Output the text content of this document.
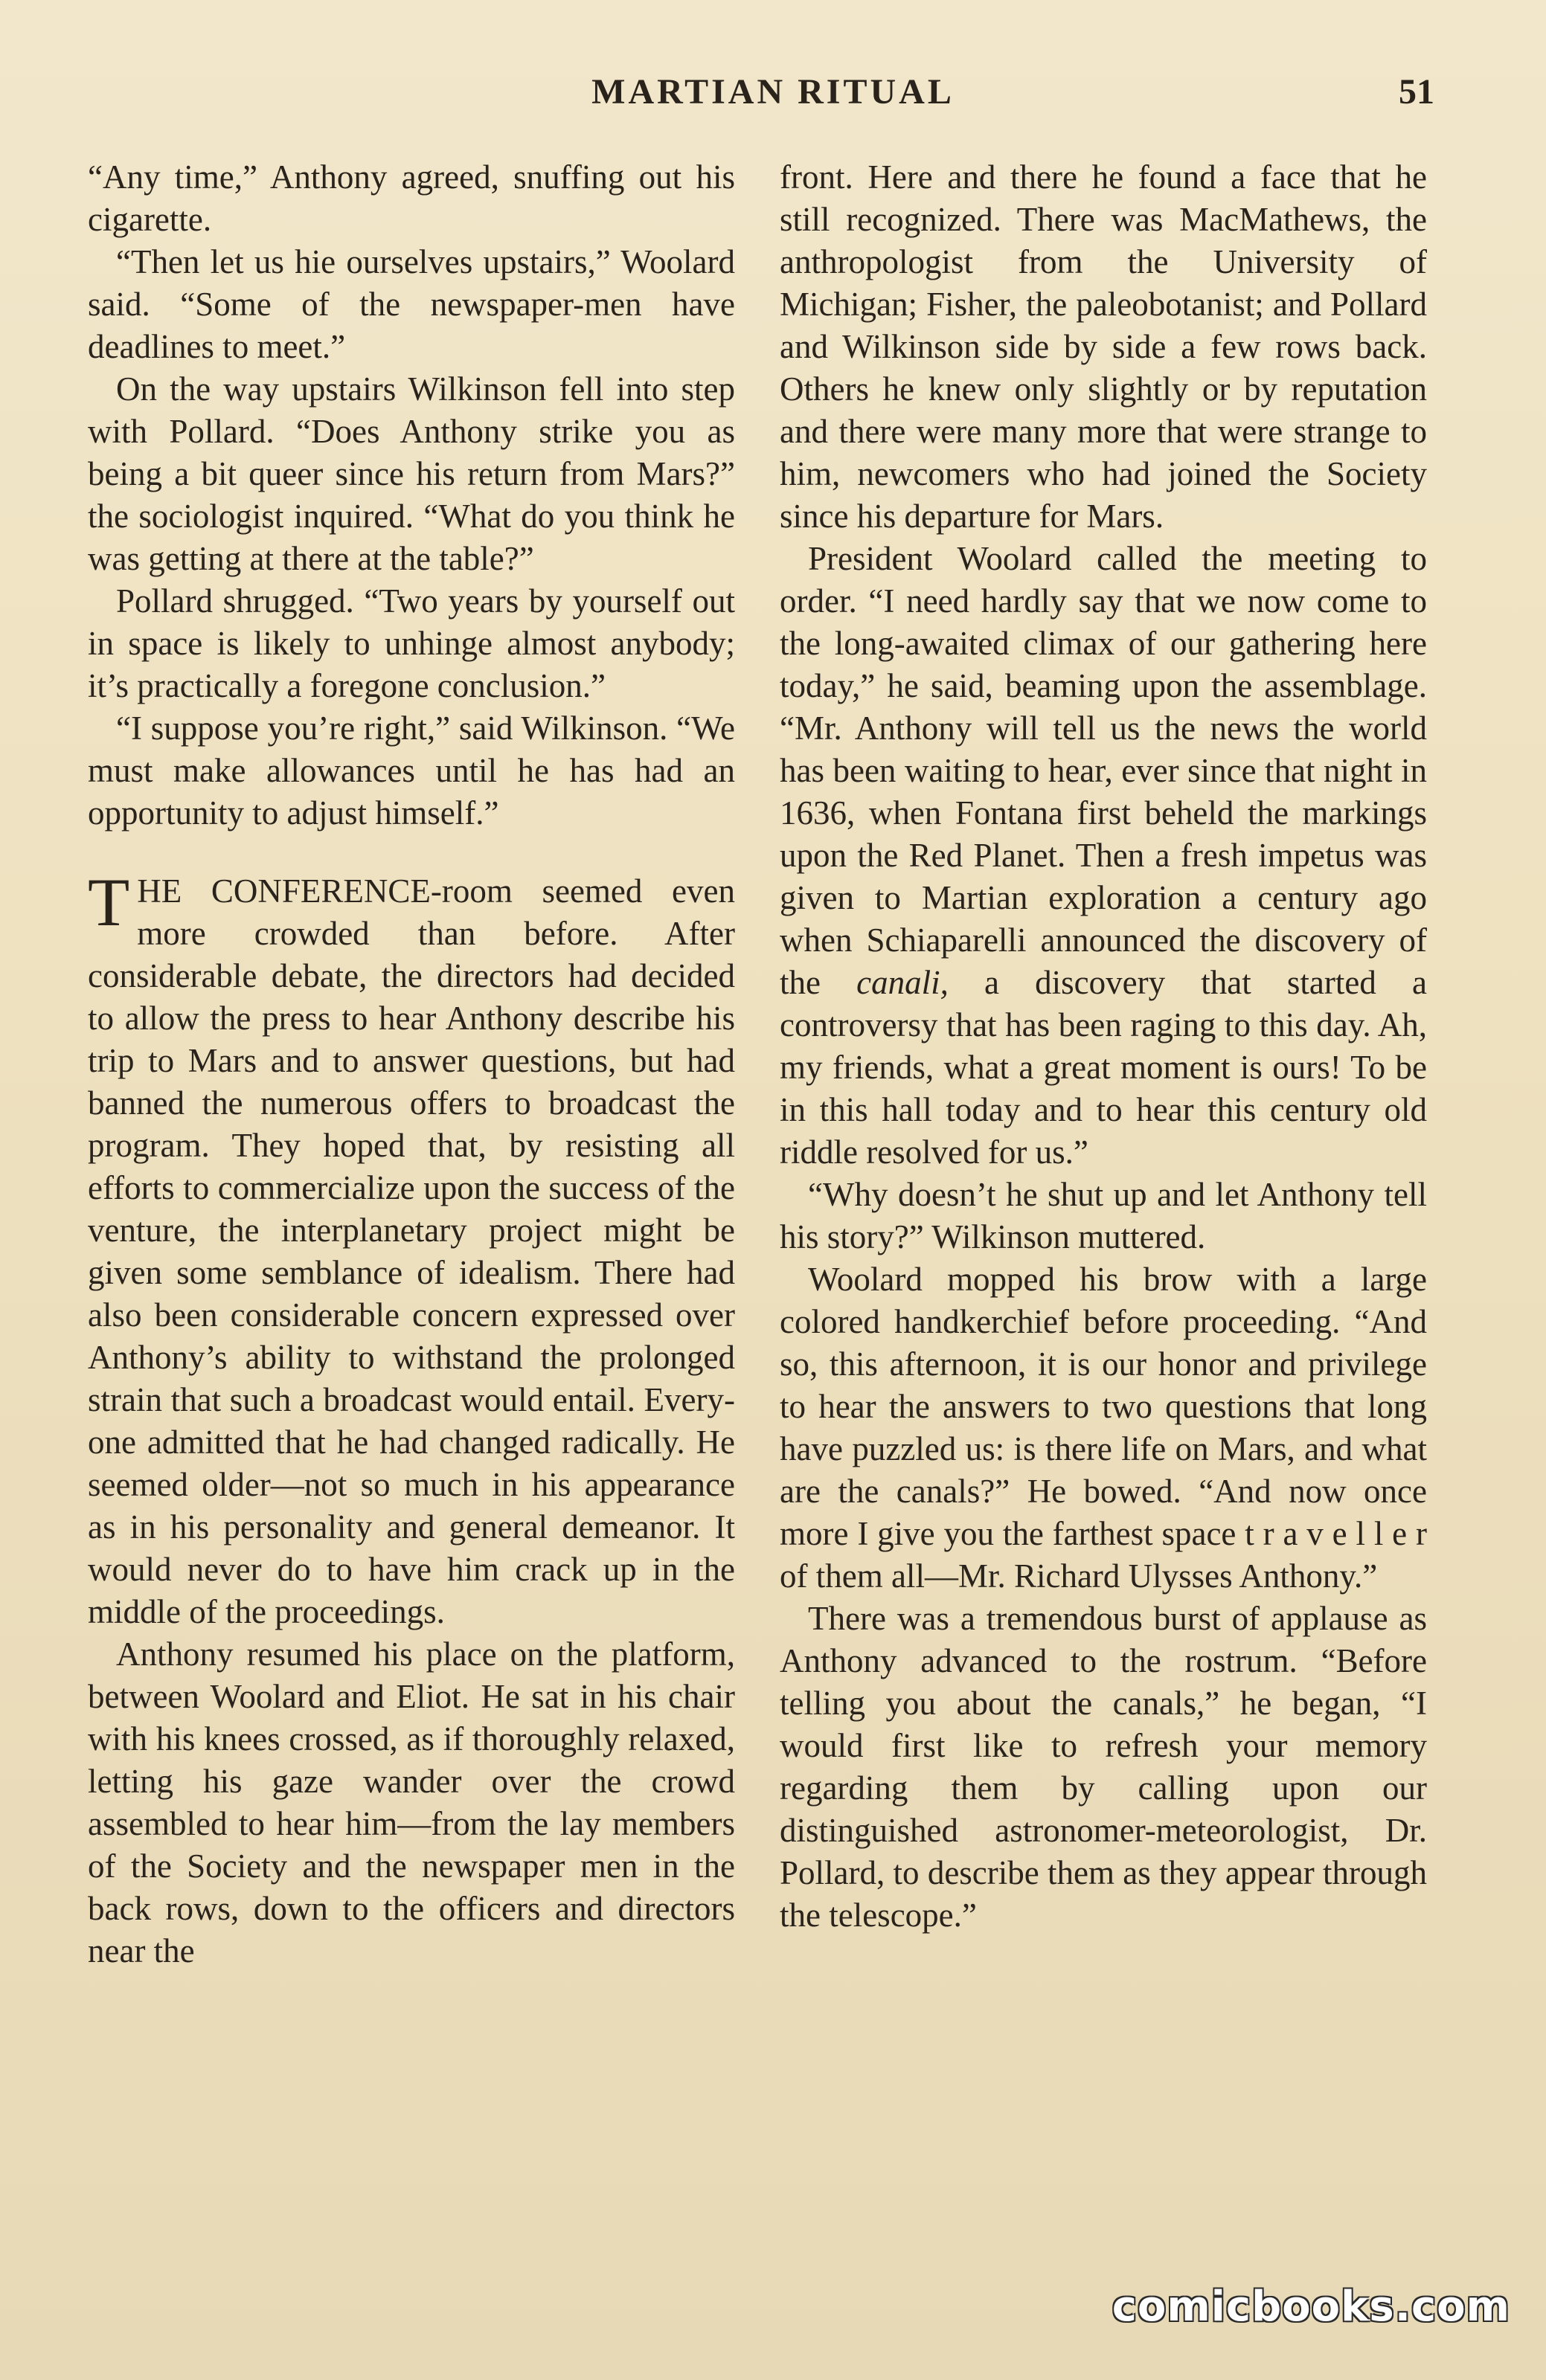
MARTIAN RITUAL	51

“Any time,” Anthony agreed, snuffing out his cigarette.

“Then let us hie ourselves upstairs,” Woolard said. “Some of the newspaper-men have deadlines to meet.”

On the way upstairs Wilkinson fell into step with Pollard. “Does Anthony strike you as being a bit queer since his return from Mars?” the sociologist inquired. “What do you think he was getting at there at the table?”

Pollard shrugged. “Two years by yourself out in space is likely to unhinge almost anybody; it’s practically a foregone conclusion.”

“I suppose you’re right,” said Wilkinson. “We must make allowances until he has had an opportunity to adjust himself.”

THE CONFERENCE-room seemed even more crowded than before. After considerable debate, the directors had decided to allow the press to hear Anthony describe his trip to Mars and to answer questions, but had banned the numerous offers to broadcast the program. They hoped that, by resisting all efforts to commercialize upon the success of the venture, the interplanetary project might be given some semblance of idealism. There had also been considerable concern expressed over Anthony’s ability to withstand the prolonged strain that such a broadcast would entail. Everyone admitted that he had changed radically. He seemed older—not so much in his appearance as in his personality and general demeanor. It would never do to have him crack up in the middle of the proceedings.

Anthony resumed his place on the platform, between Woolard and Eliot. He sat in his chair with his knees crossed, as if thoroughly relaxed, letting his gaze wander over the crowd assembled to hear him—from the lay members of the Society and the newspaper men in the back rows, down to the officers and directors near the

front. Here and there he found a face that he still recognized. There was MacMathews, the anthropologist from the University of Michigan; Fisher, the paleobotanist; and Pollard and Wilkinson side by side a few rows back. Others he knew only slightly or by reputation and there were many more that were strange to him, newcomers who had joined the Society since his departure for Mars.

President Woolard called the meeting to order. “I need hardly say that we now come to the long-awaited climax of our gathering here today,” he said, beaming upon the assemblage. “Mr. Anthony will tell us the news the world has been waiting to hear, ever since that night in 1636, when Fontana first beheld the markings upon the Red Planet. Then a fresh impetus was given to Martian exploration a century ago when Schiaparelli announced the discovery of the canali, a discovery that started a controversy that has been raging to this day. Ah, my friends, what a great moment is ours! To be in this hall today and to hear this century old riddle resolved for us.”

“Why doesn’t he shut up and let Anthony tell his story?” Wilkinson muttered.

Woolard mopped his brow with a large colored handkerchief before proceeding. “And so, this afternoon, it is our honor and privilege to hear the answers to two questions that long have puzzled us: is there life on Mars, and what are the canals?” He bowed. “And now once more I give you the farthest space t r a v e l l e r of them all—Mr. Richard Ulysses Anthony.”

There was a tremendous burst of applause as Anthony advanced to the rostrum. “Before telling you about the canals,” he began, “I would first like to refresh your memory regarding them by calling upon our distinguished astronomer-meteorologist, Dr. Pollard, to describe them as they appear through the telescope.”

comicbooks.com
